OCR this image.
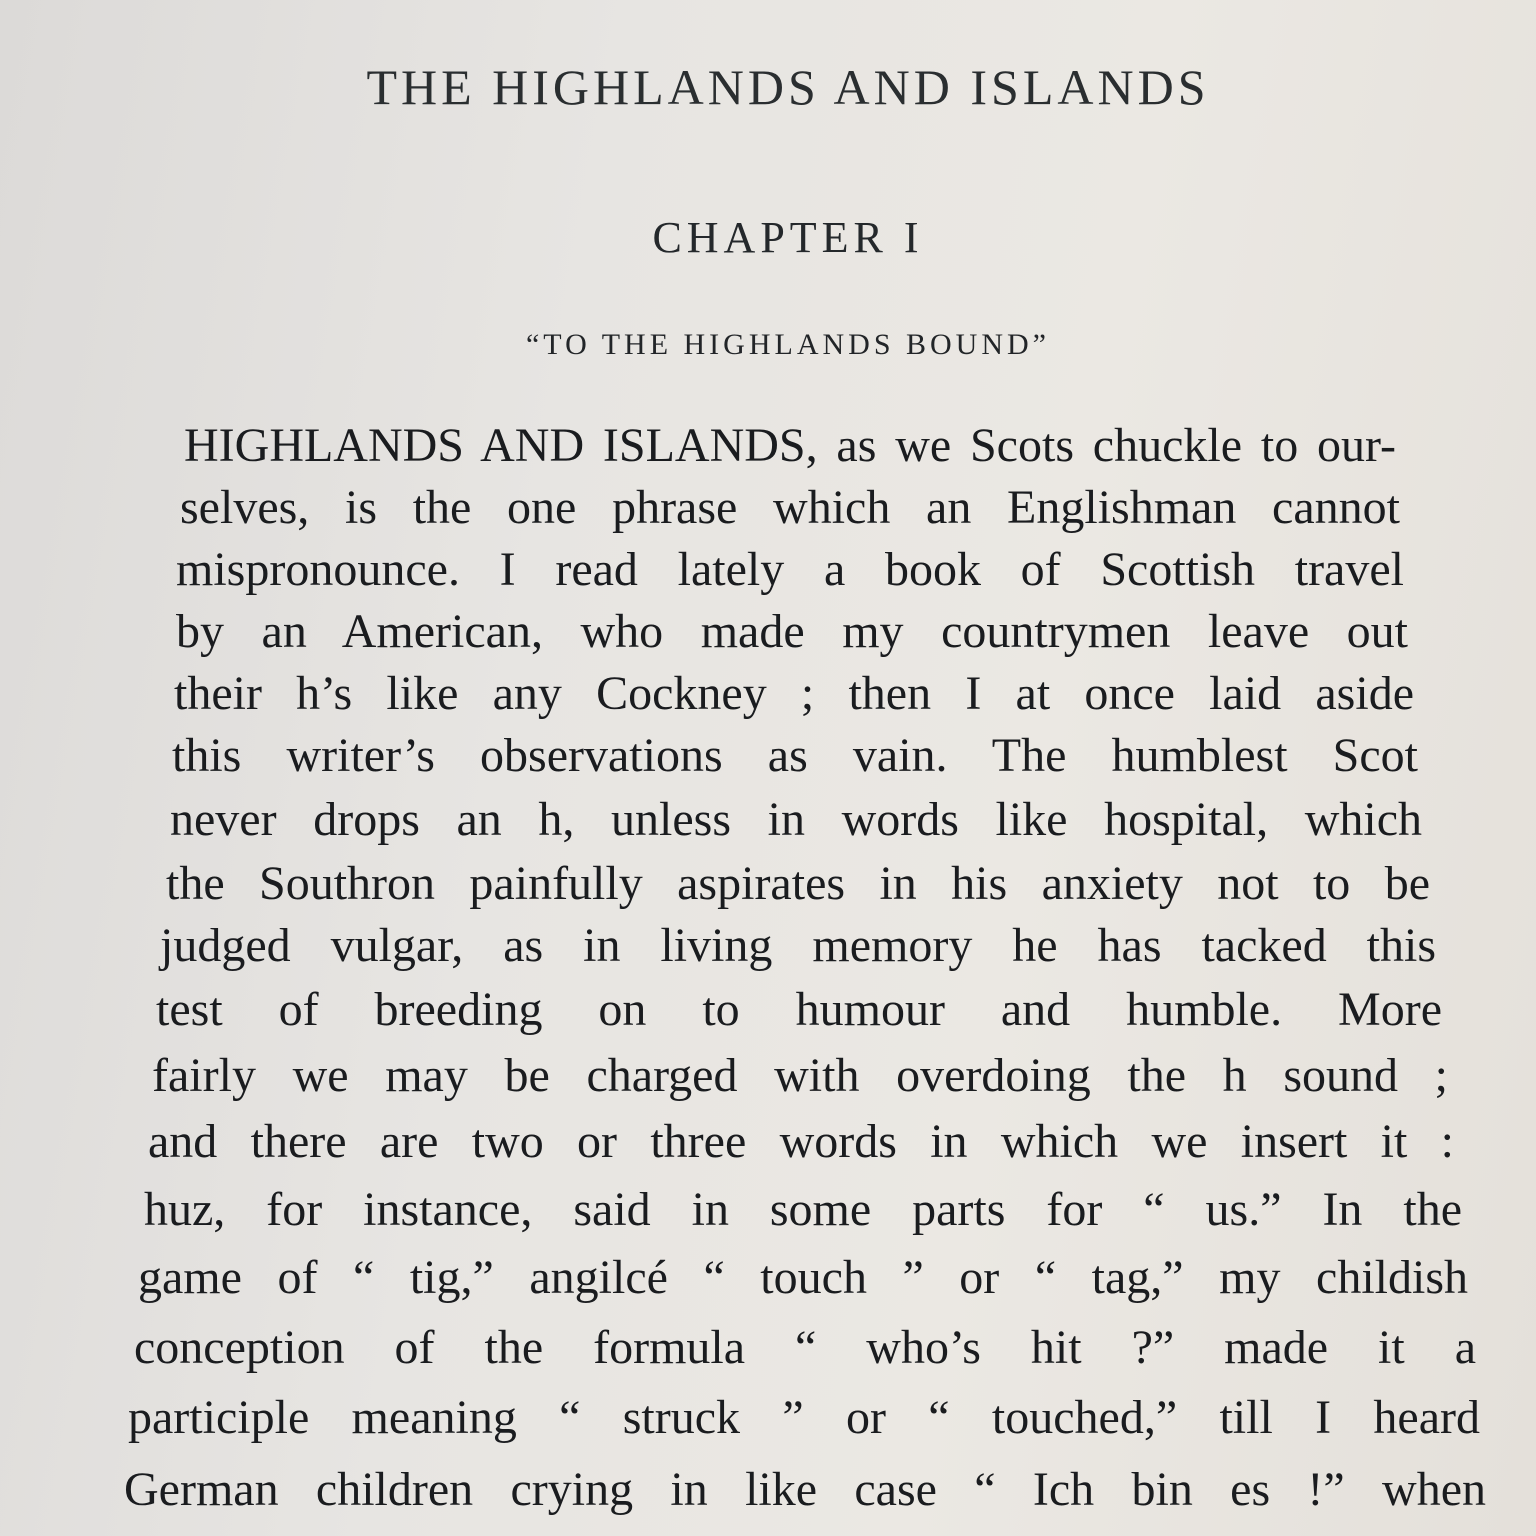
THE HIGHLANDS AND ISLANDS
CHAPTER I
“TO THE HIGHLANDS BOUND”
HIGHLANDS AND ISLANDS, as we Scots chuckle to our-
selves, is the one phrase which an Englishman cannot
mispronounce. I read lately a book of Scottish travel
by an American, who made my countrymen leave out
their h’s like any Cockney ; then I at once laid aside
this writer’s observations as vain. The humblest Scot
never drops an h, unless in words like hospital, which
the Southron painfully aspirates in his anxiety not to be
judged vulgar, as in living memory he has tacked this
test of breeding on to humour and humble. More
fairly we may be charged with overdoing the h sound ;
and there are two or three words in which we insert it :
huz, for instance, said in some parts for “ us.” In the
game of “ tig,” angilcé “ touch ” or “ tag,” my childish
conception of the formula “ who’s hit ?” made it a
participle meaning “ struck ” or “ touched,” till I heard
German children crying in like case “ Ich bin es !” when
